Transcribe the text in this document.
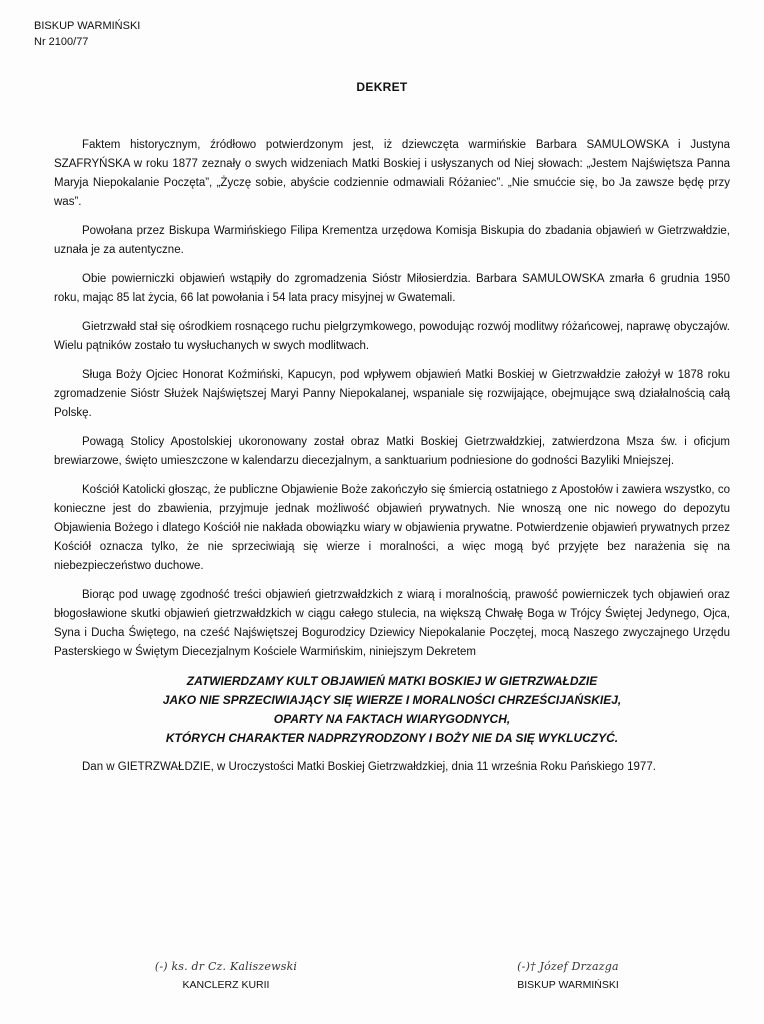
BISKUP WARMIŃSKI
Nr 2100/77
DEKRET

Faktem historycznym, źródłowo potwierdzonym jest, iż dziewczęta warmińskie Barbara SAMULOWSKA i Justyna SZAFRYŃSKA w roku 1877 zeznały o swych widzeniach Matki Boskiej i usłyszanych od Niej słowach: „Jestem Najświętsza Panna Maryja Niepokalanie Poczęta”, „Życzę sobie, abyście codziennie odmawiali Różaniec”. „Nie smućcie się, bo Ja zawsze będę przy was”.

Powołana przez Biskupa Warmińskiego Filipa Krementza urzędowa Komisja Biskupia do zbadania objawień w Gietrzwałdzie, uznała je za autentyczne.

Obie powierniczki objawień wstąpiły do zgromadzenia Sióstr Miłosierdzia. Barbara SAMULOWSKA zmarła 6 grudnia 1950 roku, mając 85 lat życia, 66 lat powołania i 54 lata pracy misyjnej w Gwatemali.

Gietrzwałd stał się ośrodkiem rosnącego ruchu pielgrzymkowego, powodując rozwój modlitwy różańcowej, naprawę obyczajów. Wielu pątników zostało tu wysłuchanych w swych modlitwach.

Sługa Boży Ojciec Honorat Koźmiński, Kapucyn, pod wpływem objawień Matki Boskiej w Gietrzwałdzie założył w 1878 roku zgromadzenie Sióstr Służek Najświętszej Maryi Panny Niepokalanej, wspaniale się rozwijające, obejmujące swą działalnością całą Polskę.

Powagą Stolicy Apostolskiej ukoronowany został obraz Matki Boskiej Gietrzwałdzkiej, zatwierdzona Msza św. i oficjum brewiarzowe, święto umieszczone w kalendarzu diecezjalnym, a sanktuarium podniesione do godności Bazyliki Mniejszej.

Kościół Katolicki głosząc, że publiczne Objawienie Boże zakończyło się śmiercią ostatniego z Apostołów i zawiera wszystko, co konieczne jest do zbawienia, przyjmuje jednak możliwość objawień prywatnych. Nie wnoszą one nic nowego do depozytu Objawienia Bożego i dlatego Kościół nie nakłada obowiązku wiary w objawienia prywatne. Potwierdzenie objawień prywatnych przez Kościół oznacza tylko, że nie sprzeciwiają się wierze i moralności, a więc mogą być przyjęte bez narażenia się na niebezpieczeństwo duchowe.

Biorąc pod uwagę zgodność treści objawień gietrzwałdzkich z wiarą i moralnością, prawość powierniczek tych objawień oraz błogosławione skutki objawień gietrzwałdzkich w ciągu całego stulecia, na większą Chwałę Boga w Trójcy Świętej Jedynego, Ojca, Syna i Ducha Świętego, na cześć Najświętszej Bogurodzicy Dziewicy Niepokalanie Poczętej, mocą Naszego zwyczajnego Urzędu Pasterskiego w Świętym Diecezjalnym Kościele Warmińskim, niniejszym Dekretem

ZATWIERDZAMY KULT OBJAWIEŃ MATKI BOSKIEJ W GIETRZWAŁDZIE
JAKO NIE SPRZECIWIAJĄCY SIĘ WIERZE I MORALNOŚCI CHRZEŚCIJAŃSKIEJ,
OPARTY NA FAKTACH WIARYGODNYCH,
KTÓRYCH CHARAKTER NADPRZYRODZONY I BOŻY NIE DA SIĘ WYKLUCZYĆ.

Dan w GIETRZWAŁDZIE, w Uroczystości Matki Boskiej Gietrzwałdzkiej, dnia 11 września Roku Pańskiego 1977.

(-) ks. dr Cz. Kaliszewski
KANCLERZ KURII
(-)† Józef Drzazga
BISKUP WARMIŃSKI
